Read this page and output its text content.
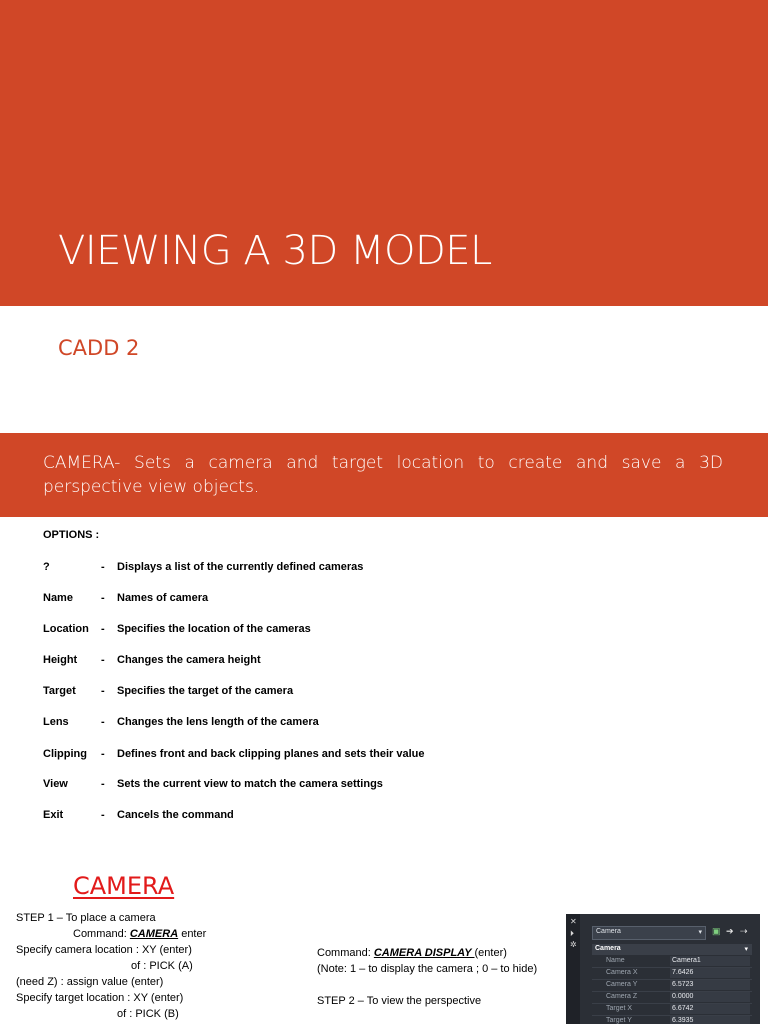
VIEWING A 3D MODEL
CADD 2
CAMERA- Sets a camera and target location to create and save a 3D perspective view objects.
OPTIONS :
?	- Displays a list of the currently defined cameras
Name	- Names of camera
Location - Specifies the location of the cameras
Height - Changes the camera height
Target - Specifies the target of the camera
Lens	- Changes the lens length of the camera
Clipping - Defines front and back clipping planes and sets their value
View	- Sets the current view to match the camera settings
Exit	- Cancels the command
CAMERA
STEP 1 – To place a camera
Command: CAMERA enter
Specify camera location : XY (enter)
of : PICK (A)
(need Z) : assign value (enter)
Specify target location : XY (enter)
of : PICK (B)
Command: CAMERA DISPLAY (enter)
(Note: 1 – to display the camera ; 0 – to hide)
STEP 2 – To view the perspective
✕
⏵
✲
Camera	▾ ▣ ➔ ⇢
Camera	▾
Name	Camera1
Camera X	7.6426
Camera Y	6.5723
Camera Z	0.0000
Target X	6.6742
Target Y	6.3935
